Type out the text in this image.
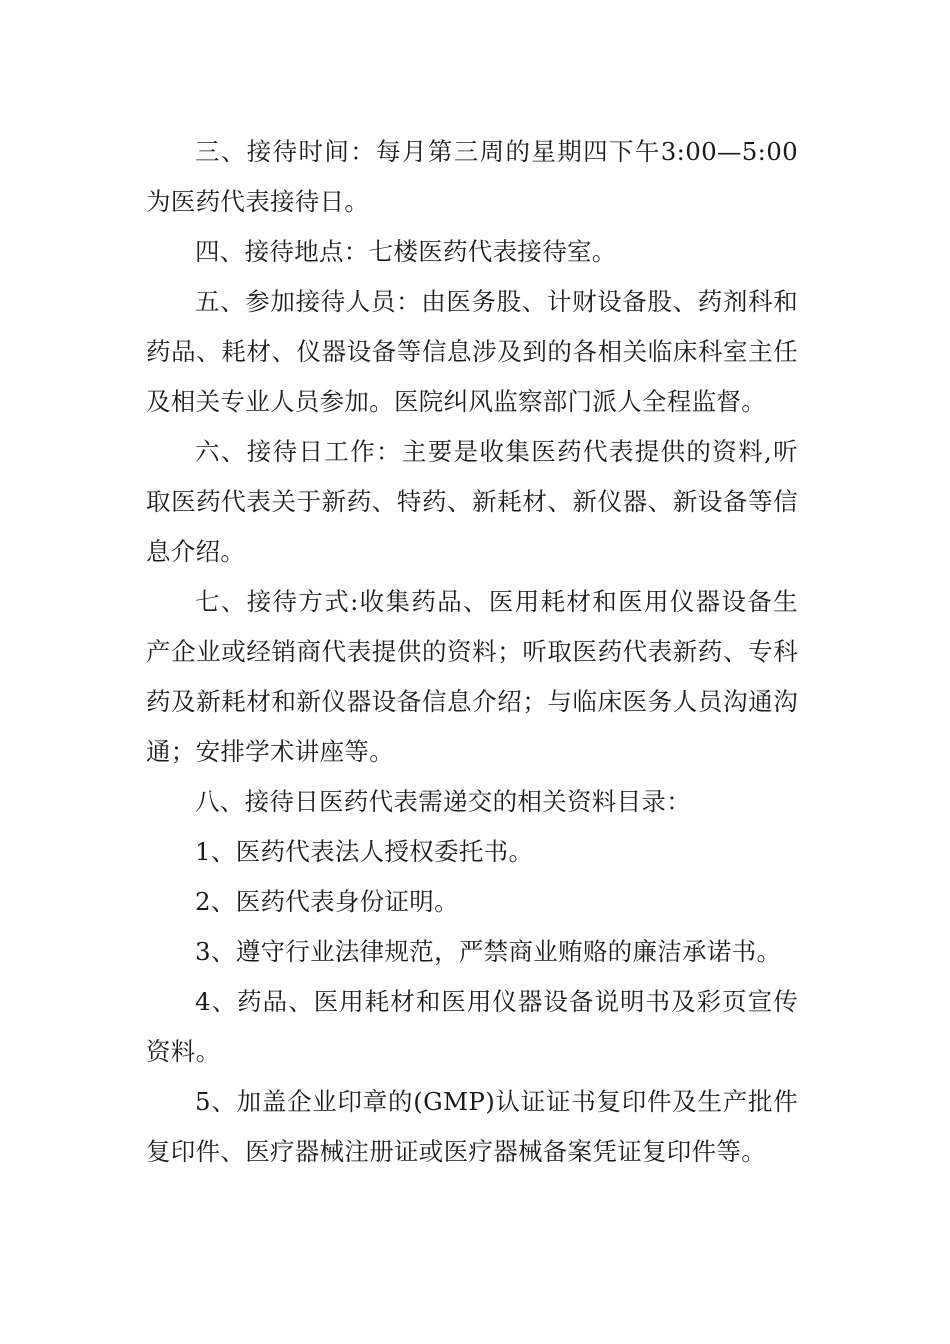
三、接待时间：每月第三周的星期四下午3:00—5:00为医药代表接待日。

四、接待地点：七楼医药代表接待室。

五、参加接待人员：由医务股、计财设备股、药剂科和药品、耗材、仪器设备等信息涉及到的各相关临床科室主任及相关专业人员参加。医院纠风监察部门派人全程监督。

六、接待日工作：主要是收集医药代表提供的资料,听取医药代表关于新药、特药、新耗材、新仪器、新设备等信息介绍。

七、接待方式:收集药品、医用耗材和医用仪器设备生产企业或经销商代表提供的资料；听取医药代表新药、专科药及新耗材和新仪器设备信息介绍；与临床医务人员沟通沟通；安排学术讲座等。

八、接待日医药代表需递交的相关资料目录：

1、医药代表法人授权委托书。

2、医药代表身份证明。

3、遵守行业法律规范，严禁商业贿赂的廉洁承诺书。

4、药品、医用耗材和医用仪器设备说明书及彩页宣传资料。

5、加盖企业印章的(GMP)认证证书复印件及生产批件复印件、医疗器械注册证或医疗器械备案凭证复印件等。
